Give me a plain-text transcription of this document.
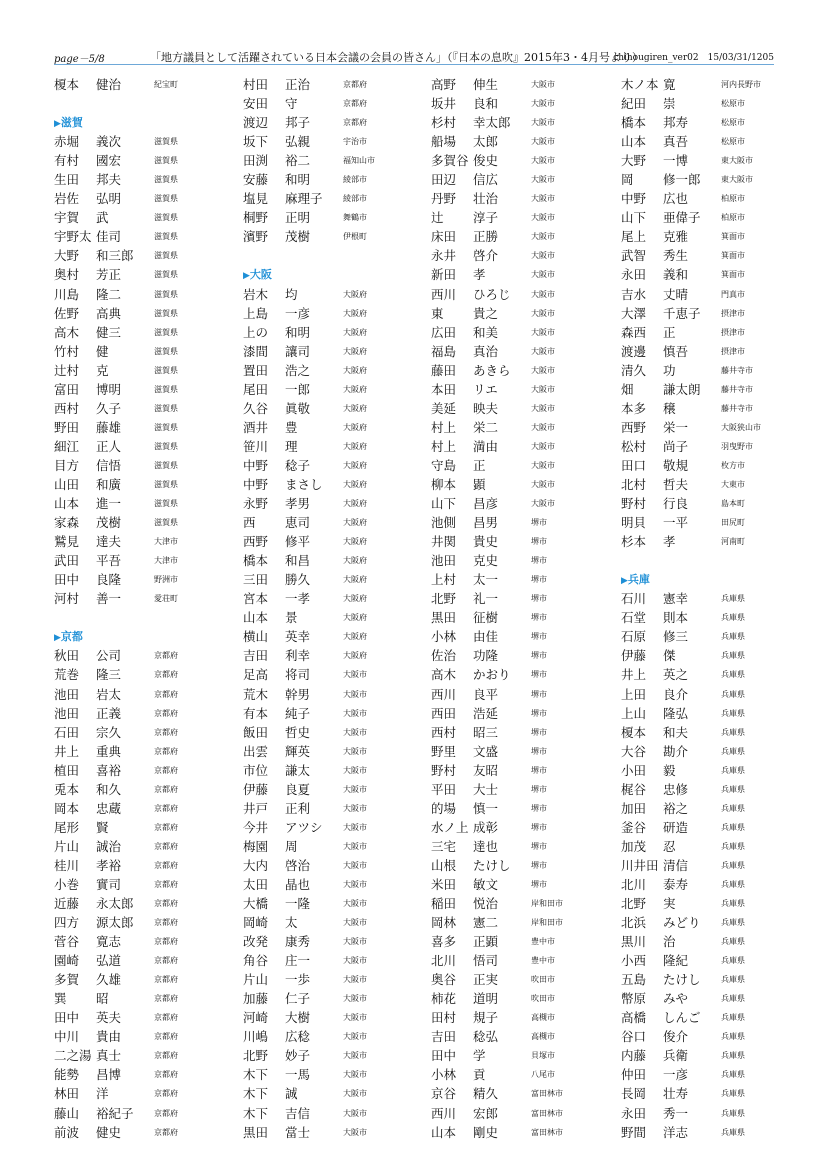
page－5/8	「地方議員として活躍されている日本会議の会員の皆さん」（『日本の息吹』2015年3・4月号より）
chihougiren_ver02　15/03/31/1205
榎本 健治	紀宝町
▶滋賀
赤堀 義次	滋賀県
有村 國宏	滋賀県
生田 邦夫	滋賀県
岩佐 弘明	滋賀県
宇賀 武	滋賀県
宇野太 佳司	滋賀県
大野 和三郎	滋賀県
奥村 芳正	滋賀県
川島 隆二	滋賀県
佐野 高典	滋賀県
高木 健三	滋賀県
竹村 健	滋賀県
辻村 克	滋賀県
富田 博明	滋賀県
西村 久子	滋賀県
野田 藤雄	滋賀県
細江 正人	滋賀県
目方 信悟	滋賀県
山田 和廣	滋賀県
山本 進一	滋賀県
家森 茂樹	滋賀県
鷲見 達夫	大津市
武田 平吾	大津市
田中 良隆	野洲市
河村 善一	愛荘町
▶京都
秋田 公司	京都府
荒巻 隆三	京都府
池田 岩太	京都府
池田 正義	京都府
石田 宗久	京都府
井上 重典	京都府
植田 喜裕	京都府
兎本 和久	京都府
岡本 忠蔵	京都府
尾形 賢	京都府
片山 誠治	京都府
桂川 孝裕	京都府
小巻 實司	京都府
近藤 永太郎	京都府
四方 源太郎	京都府
菅谷 寛志	京都府
園崎 弘道	京都府
多賀 久雄	京都府
巽 昭	京都府
田中 英夫	京都府
中川 貴由	京都府
二之湯 真士	京都府
能勢 昌博	京都府
林田 洋	京都府
藤山 裕紀子	京都府
前波 健史	京都府
村田 正治	京都府
安田 守	京都府
渡辺 邦子	京都府
坂下 弘親	宇治市
田渕 裕二	福知山市
安藤 和明	綾部市
塩見 麻理子	綾部市
桐野 正明	舞鶴市
濱野 茂樹	伊根町
▶大阪
岩木 均	大阪府
上島 一彦	大阪府
上の 和明	大阪府
漆間 讓司	大阪府
置田 浩之	大阪府
尾田 一郎	大阪府
久谷 眞敬	大阪府
酒井 豊	大阪府
笹川 理	大阪府
中野 稔子	大阪府
中野 まさし	大阪府
永野 孝男	大阪府
西 恵司	大阪府
西野 修平	大阪府
橋本 和昌	大阪府
三田 勝久	大阪府
宮本 一孝	大阪府
山本 景	大阪府
横山 英幸	大阪府
吉田 利幸	大阪府
足高 将司	大阪市
荒木 幹男	大阪市
有本 純子	大阪市
飯田 哲史	大阪市
出雲 輝英	大阪市
市位 謙太	大阪市
伊藤 良夏	大阪市
井戸 正利	大阪市
今井 アツシ	大阪市
梅園 周	大阪市
大内 啓治	大阪市
太田 晶也	大阪市
大橋 一隆	大阪市
岡崎 太	大阪市
改発 康秀	大阪市
角谷 庄一	大阪市
片山 一歩	大阪市
加藤 仁子	大阪市
河崎 大樹	大阪市
川嶋 広稔	大阪市
北野 妙子	大阪市
木下 一馬	大阪市
木下 誠	大阪市
木下 吉信	大阪市
黒田 當士	大阪市
高野 伸生	大阪市
坂井 良和	大阪市
杉村 幸太郎	大阪市
船場 太郎	大阪市
多賀谷 俊史	大阪市
田辺 信広	大阪市
丹野 壮治	大阪市
辻 淳子	大阪市
床田 正勝	大阪市
永井 啓介	大阪市
新田 孝	大阪市
西川 ひろじ	大阪市
東 貴之	大阪市
広田 和美	大阪市
福島 真治	大阪市
藤田 あきら	大阪市
本田 リエ	大阪市
美延 映夫	大阪市
村上 栄二	大阪市
村上 満由	大阪市
守島 正	大阪市
柳本 顕	大阪市
山下 昌彦	大阪市
池側 昌男	堺市
井関 貴史	堺市
池田 克史	堺市
上村 太一	堺市
北野 礼一	堺市
黒田 征樹	堺市
小林 由佳	堺市
佐治 功隆	堺市
高木 かおり	堺市
西川 良平	堺市
西田 浩延	堺市
西村 昭三	堺市
野里 文盛	堺市
野村 友昭	堺市
平田 大士	堺市
的場 慎一	堺市
水ノ上 成彰	堺市
三宅 達也	堺市
山根 たけし	堺市
米田 敏文	堺市
稲田 悦治	岸和田市
岡林 憲二	岸和田市
喜多 正顕	豊中市
北川 悟司	豊中市
奥谷 正実	吹田市
柿花 道明	吹田市
田村 規子	高槻市
吉田 稔弘	高槻市
田中 学	貝塚市
小林 貢	八尾市
京谷 精久	富田林市
西川 宏郎	富田林市
山本 剛史	富田林市
木ノ本 寛	河内長野市
紀田 崇	松原市
橋本 邦寿	松原市
山本 真吾	松原市
大野 一博	東大阪市
岡 修一郎	東大阪市
中野 広也	柏原市
山下 亜偉子	柏原市
尾上 克雅	箕面市
武智 秀生	箕面市
永田 義和	箕面市
吉水 丈晴	門真市
大澤 千恵子	摂津市
森西 正	摂津市
渡邊 慎吾	摂津市
清久 功	藤井寺市
畑 謙太朗	藤井寺市
本多 穣	藤井寺市
西野 栄一	大阪狭山市
松村 尚子	羽曳野市
田口 敬規	枚方市
北村 哲夫	大東市
野村 行良	島本町
明貝 一平	田尻町
杉本 孝	河南町
▶兵庫
石川 憲幸	兵庫県
石堂 則本	兵庫県
石原 修三	兵庫県
伊藤 傑	兵庫県
井上 英之	兵庫県
上田 良介	兵庫県
上山 隆弘	兵庫県
榎本 和夫	兵庫県
大谷 勘介	兵庫県
小田 毅	兵庫県
梶谷 忠修	兵庫県
加田 裕之	兵庫県
釜谷 研造	兵庫県
加茂 忍	兵庫県
川井田 清信	兵庫県
北川 泰寿	兵庫県
北野 実	兵庫県
北浜 みどり	兵庫県
黒川 治	兵庫県
小西 隆紀	兵庫県
五島 たけし	兵庫県
幣原 みや	兵庫県
高橋 しんご	兵庫県
谷口 俊介	兵庫県
内藤 兵衛	兵庫県
仲田 一彦	兵庫県
長岡 壮寿	兵庫県
永田 秀一	兵庫県
野間 洋志	兵庫県
